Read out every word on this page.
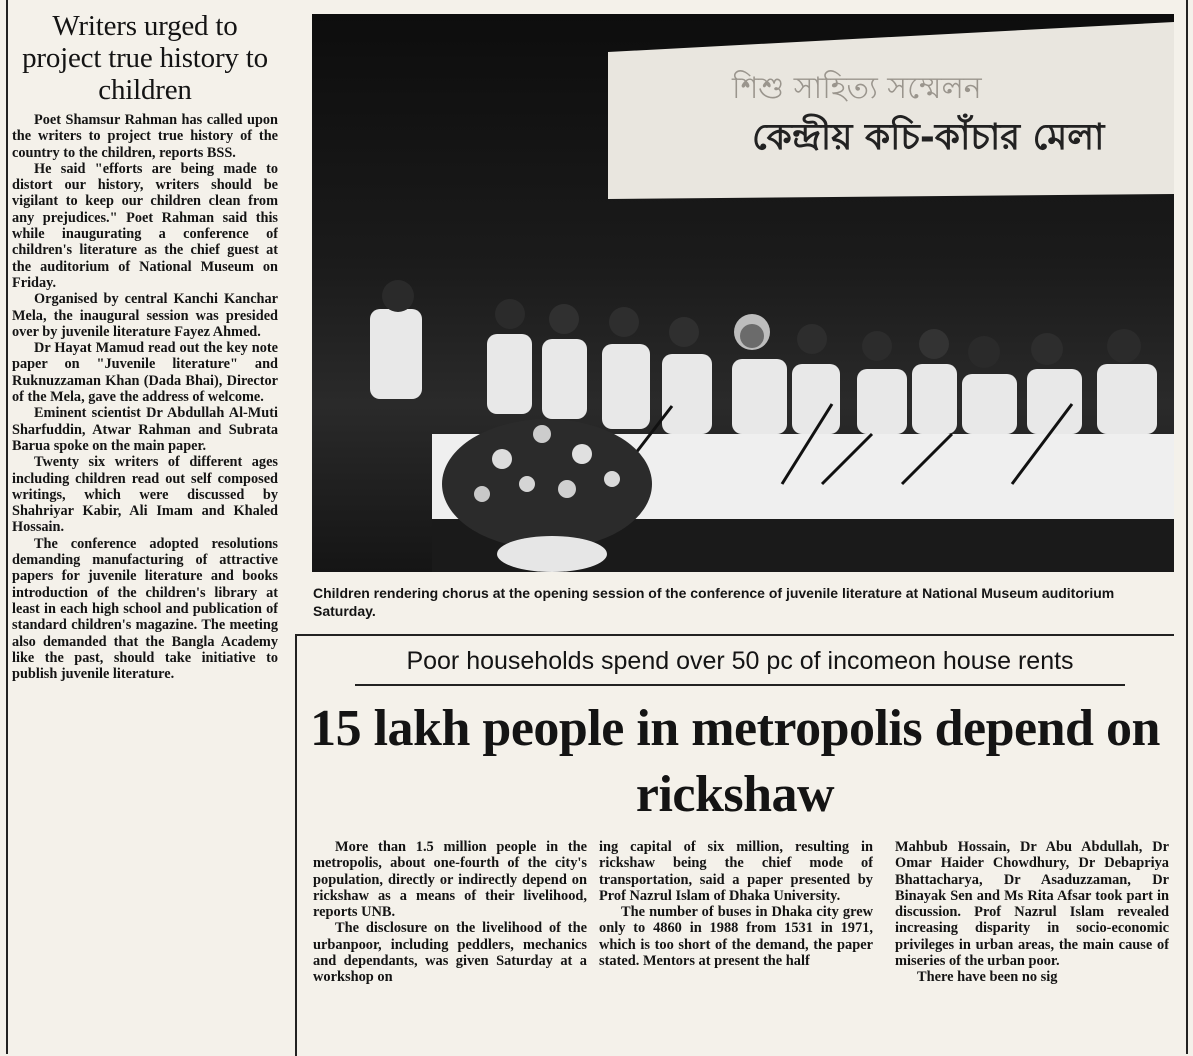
Writers urged to project true history to children

Poet Shamsur Rahman has called upon the writers to project true history of the country to the children, reports BSS.

He said "efforts are being made to distort our history, writers should be vigilant to keep our children clean from any prejudices." Poet Rahman said this while inaugurating a conference of children's literature as the chief guest at the auditorium of National Museum on Friday.

Organised by central Kanchi Kanchar Mela, the inaugural session was presided over by juvenile literature Fayez Ahmed.

Dr Hayat Mamud read out the key note paper on "Juvenile literature" and Ruknuzzaman Khan (Dada Bhai), Director of the Mela, gave the address of welcome.

Eminent scientist Dr Abdullah Al-Muti Sharfuddin, Atwar Rahman and Subrata Barua spoke on the main paper.

Twenty six writers of different ages including children read out self composed writings, which were discussed by Shahriyar Kabir, Ali Imam and Khaled Hossain.

The conference adopted resolutions demanding manufacturing of attractive papers for juvenile literature and books introduction of the children's library at least in each high school and publication of standard children's magazine. The meeting also demanded that the Bangla Academy like the past, should take initiative to publish juvenile literature.

শিশু সাহিত্য সম্মেলন
কেন্দ্রীয় কচি-কাঁচার মেলা

Children rendering chorus at the opening session of the conference of juvenile literature at National Museum auditorium Saturday.

Poor households spend over 50 pc of incomeon house rents

15 lakh people in metropolis depend on rickshaw

More than 1.5 million people in the metropolis, about one-fourth of the city's population, directly or indirectly depend on rickshaw as a means of their livelihood, reports UNB.

The disclosure on the livelihood of the urbanpoor, including peddlers, mechanics and dependants, was given Saturday at a workshop on

ing capital of six million, resulting in rickshaw being the chief mode of transportation, said a paper presented by Prof Nazrul Islam of Dhaka University.

The number of buses in Dhaka city grew only to 4860 in 1988 from 1531 in 1971, which is too short of the demand, the paper stated. Mentors at present the half

Mahbub Hossain, Dr Abu Abdullah, Dr Omar Haider Chowdhury, Dr Debapriya Bhattacharya, Dr Asaduzzaman, Dr Binayak Sen and Ms Rita Afsar took part in discussion. Prof Nazrul Islam revealed increasing disparity in socio-economic privileges in urban areas, the main cause of miseries of the urban poor.

There have been no sig
